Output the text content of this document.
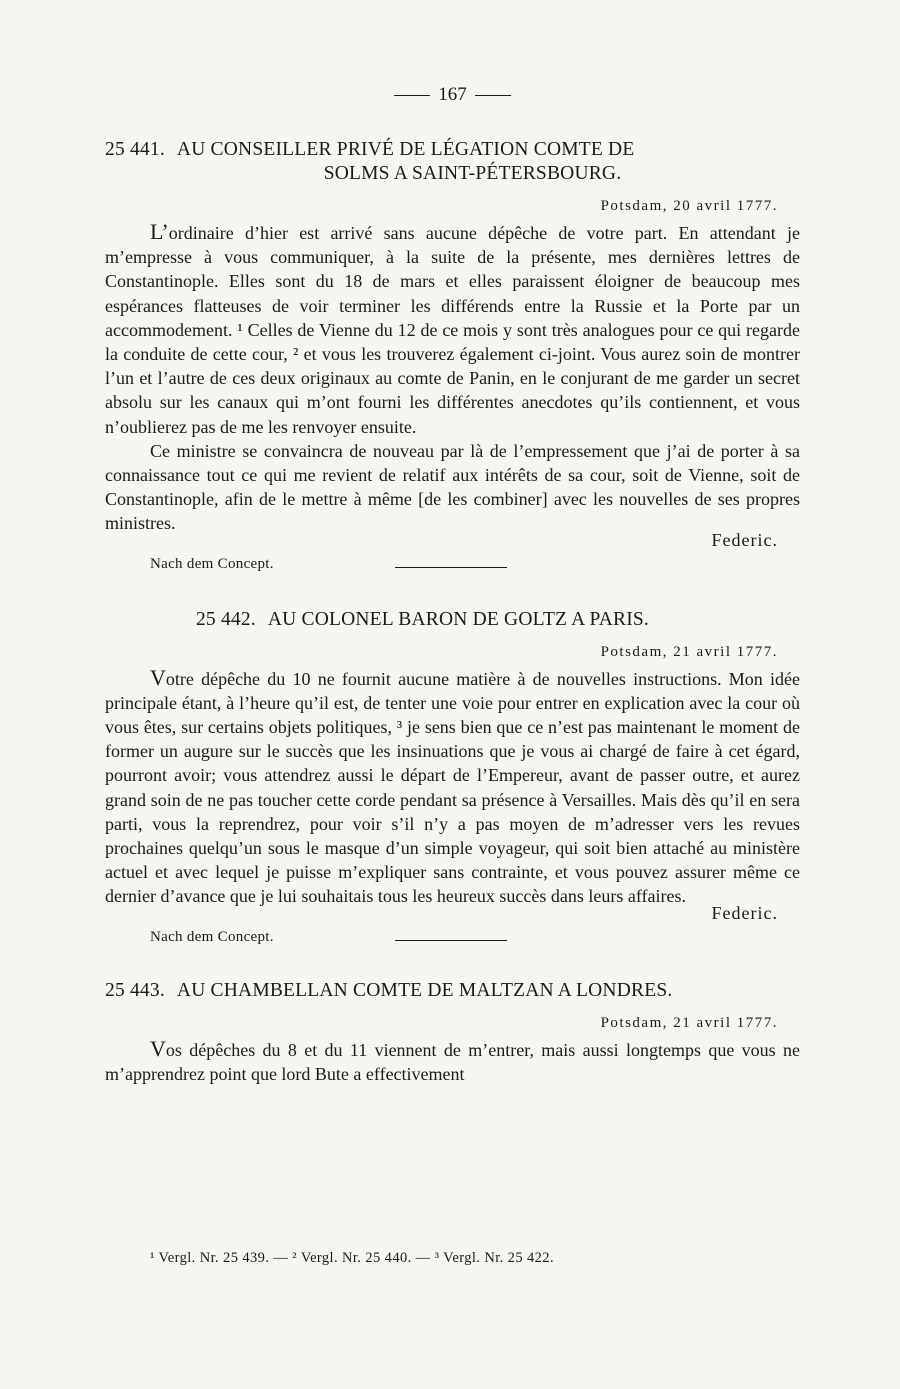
167
25 441. AU CONSEILLER PRIVÉ DE LÉGATION COMTE DE
SOLMS A SAINT-PÉTERSBOURG.
Potsdam, 20 avril 1777.

L’ordinaire d’hier est arrivé sans aucune dépêche de votre part. En attendant je m’empresse à vous communiquer, à la suite de la présente, mes dernières lettres de Constantinople. Elles sont du 18 de mars et elles paraissent éloigner de beaucoup mes espérances flatteuses de voir terminer les différends entre la Russie et la Porte par un accommodement. ¹ Celles de Vienne du 12 de ce mois y sont très analogues pour ce qui regarde la conduite de cette cour, ² et vous les trouverez également ci-joint. Vous aurez soin de montrer l’un et l’autre de ces deux originaux au comte de Panin, en le conjurant de me garder un secret absolu sur les canaux qui m’ont fourni les différentes anecdotes qu’ils contiennent, et vous n’oublierez pas de me les renvoyer ensuite.

Ce ministre se convaincra de nouveau par là de l’empressement que j’ai de porter à sa connaissance tout ce qui me revient de relatif aux intérêts de sa cour, soit de Vienne, soit de Constantinople, afin de le mettre à même [de les combiner] avec les nouvelles de ses propres ministres.

Federic.
Nach dem Concept.
25 442. AU COLONEL BARON DE GOLTZ A PARIS.
Potsdam, 21 avril 1777.

Votre dépêche du 10 ne fournit aucune matière à de nouvelles instructions. Mon idée principale étant, à l’heure qu’il est, de tenter une voie pour entrer en explication avec la cour où vous êtes, sur certains objets politiques, ³ je sens bien que ce n’est pas maintenant le moment de former un augure sur le succès que les insinuations que je vous ai chargé de faire à cet égard, pourront avoir; vous attendrez aussi le départ de l’Empereur, avant de passer outre, et aurez grand soin de ne pas toucher cette corde pendant sa présence à Versailles. Mais dès qu’il en sera parti, vous la reprendrez, pour voir s’il n’y a pas moyen de m’adresser vers les revues prochaines quelqu’un sous le masque d’un simple voyageur, qui soit bien attaché au ministère actuel et avec lequel je puisse m’expliquer sans contrainte, et vous pouvez assurer même ce dernier d’avance que je lui souhaitais tous les heureux succès dans leurs affaires.

Federic.
Nach dem Concept.
25 443. AU CHAMBELLAN COMTE DE MALTZAN A LONDRES.
Potsdam, 21 avril 1777.

Vos dépêches du 8 et du 11 viennent de m’entrer, mais aussi longtemps que vous ne m’apprendrez point que lord Bute a effectivement

¹ Vergl. Nr. 25 439. — ² Vergl. Nr. 25 440. — ³ Vergl. Nr. 25 422.
